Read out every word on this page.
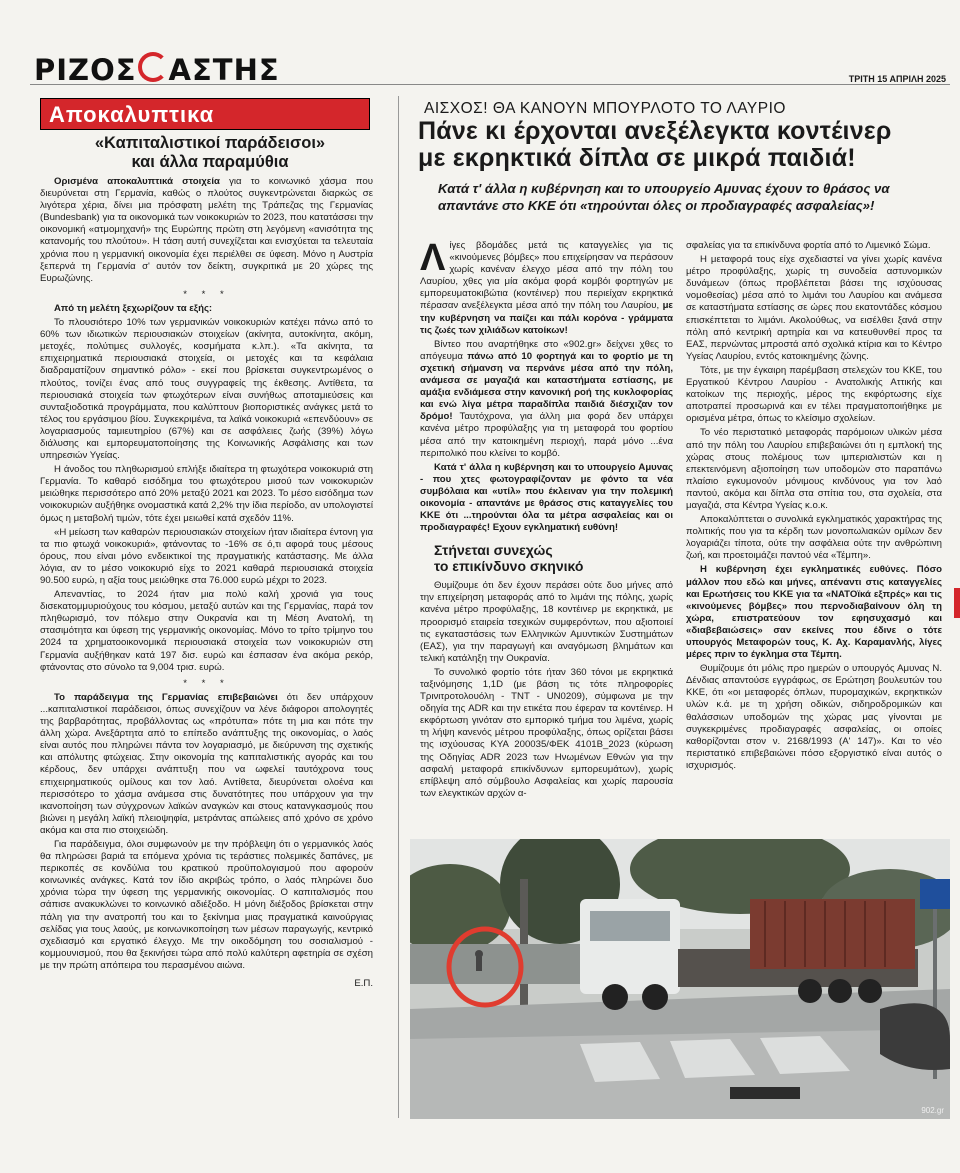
ΡΙΖΟΣ ΑΣΤΗΣ	ΤΡΙΤΗ 15 ΑΠΡΙΛΗ 2025
Αποκαλυπτικα
«Καπιταλιστικοί παράδεισοι»
και άλλα παραμύθια

Ορισμένα αποκαλυπτικά στοιχεία για το κοινωνικό χάσμα που διευρύνεται στη Γερμανία, καθώς ο πλούτος συγκεντρώνεται διαρκώς σε λιγότερα χέρια, δίνει μια πρόσφατη μελέτη της Τράπεζας της Γερμανίας (Bundesbank) για τα οικονομικά των νοικοκυριών το 2023, που κατατάσσει την οικονομική «ατμομηχανή» της Ευρώπης πρώτη στη λεγόμενη «ανισότητα της κατανομής του πλούτου». Η τάση αυτή συνεχίζεται και ενισχύεται τα τελευταία χρόνια που η γερμανική οικονομία έχει περιέλθει σε ύφεση. Μόνο η Αυστρία ξεπερνά τη Γερμανία σ' αυτόν τον δείκτη, συγκριτικά με 20 χώρες της Ευρωζώνης.

* * *

Από τη μελέτη ξεχωρίζουν τα εξής:

Το πλουσιότερο 10% των γερμανικών νοικοκυριών κατέχει πάνω από το 60% των ιδιωτικών περιουσιακών στοιχείων (ακίνητα, αυτοκίνητα, ακόμη, μετοχές, πολύτιμες συλλογές, κοσμήματα κ.λπ.). «Τα ακίνητα, τα επιχειρηματικά περιουσιακά στοιχεία, οι μετοχές και τα κεφάλαια διαδραματίζουν σημαντικό ρόλο» - εκεί που βρίσκεται συγκεντρωμένος ο πλούτος, τονίζει ένας από τους συγγραφείς της έκθεσης. Αντίθετα, τα περιουσιακά στοιχεία των φτωχότερων είναι συνήθως αποταμιεύσεις και συνταξιοδοτικά προγράμματα, που καλύπτουν βιοποριστικές ανάγκες μετά το τέλος του εργάσιμου βίου. Συγκεκριμένα, τα λαϊκά νοικοκυριά «επενδύουν» σε λογαριασμούς ταμιευτηρίου (67%) και σε ασφάλειες ζωής (39%) λόγω διάλυσης και εμπορευματοποίησης της Κοινωνικής Ασφάλισης και των υπηρεσιών Υγείας.

Η άνοδος του πληθωρισμού επλήξε ιδιαίτερα τη φτωχότερα νοικοκυριά στη Γερμανία. Το καθαρό εισόδημα του φτωχότερου μισού των νοικοκυριών μειώθηκε περισσότερο από 20% μεταξύ 2021 και 2023. Το μέσο εισόδημα των νοικοκυριών αυξήθηκε ονομαστικά κατά 2,2% την ίδια περίοδο, αν υπολογιστεί όμως η μεταβολή τιμών, τότε έχει μειωθεί κατά σχεδόν 11%.

«Η μείωση των καθαρών περιουσιακών στοιχείων ήταν ιδιαίτερα έντονη για τα πιο φτωχά νοικοκυριά», φτάνοντας το -16% σε ό,τι αφορά τους μέσους όρους, που είναι μόνο ενδεικτικοί της πραγματικής κατάστασης. Με άλλα λόγια, αν το μέσο νοικοκυριό είχε το 2021 καθαρά περιουσιακά στοιχεία 90.500 ευρώ, η αξία τους μειώθηκε στα 76.000 ευρώ μέχρι το 2023.

Απεναντίας, το 2024 ήταν μια πολύ καλή χρονιά για τους δισεκατομμυριούχους του κόσμου, μεταξύ αυτών και της Γερμανίας, παρά τον πληθωρισμό, τον πόλεμο στην Ουκρανία και τη Μέση Ανατολή, τη στασιμότητα και ύφεση της γερμανικής οικονομίας. Μόνο το τρίτο τρίμηνο του 2024 τα χρηματοοικονομικά περιουσιακά στοιχεία των νοικοκυριών στη Γερμανία αυξήθηκαν κατά 197 δισ. ευρώ και έσπασαν ένα ακόμα ρεκόρ, φτάνοντας στο σύνολο τα 9,004 τρισ. ευρώ.

* * *

Το παράδειγμα της Γερμανίας επιβεβαιώνει ότι δεν υπάρχουν ...καπιταλιστικοί παράδεισοι, όπως συνεχίζουν να λένε διάφοροι απολογητές της βαρβαρότητας, προβάλλοντας ως «πρότυπα» πότε τη μια και πότε την άλλη χώρα. Ανεξάρτητα από το επίπεδο ανάπτυξης της οικονομίας, ο λαός είναι αυτός που πληρώνει πάντα τον λογαριασμό, με διεύρυνση της σχετικής και απόλυτης φτώχειας. Στην οικονομία της καπιταλιστικής αγοράς και του κέρδους, δεν υπάρχει ανάπτυξη που να ωφελεί ταυτόχρονα τους επιχειρηματικούς ομίλους και τον λαό. Αντίθετα, διευρύνεται ολοένα και περισσότερο το χάσμα ανάμεσα στις δυνατότητες που υπάρχουν για την ικανοποίηση των σύγχρονων λαϊκών αναγκών και στους κατανγκασμούς που βιώνει η μεγάλη λαϊκή πλειοψηφία, μετράντας απώλειες από χρόνο σε χρόνο ακόμα και στα πιο στοιχειώδη.

Για παράδειγμα, όλοι συμφωνούν με την πρόβλεψη ότι ο γερμανικός λαός θα πληρώσει βαριά τα επόμενα χρόνια τις τεράστιες πολεμικές δαπάνες, με περικοπές σε κονδύλια του κρατικού προϋπολογισμού που αφορούν κοινωνικές ανάγκες. Κατά τον ίδιο ακριβώς τρόπο, ο λαός πληρώνει δυο χρόνια τώρα την ύφεση της γερμανικής οικονομίας. Ο καπιταλισμός που σάπισε ανακυκλώνει το κοινωνικό αδιέξοδο. Η μόνη διέξοδος βρίσκεται στην πάλη για την ανατροπή του και το ξεκίνημα μιας πραγματικά καινούργιας σελίδας για τους λαούς, με κοινωνικοποίηση των μέσων παραγωγής, κεντρικό σχεδιασμό και εργατικό έλεγχο. Με την οικοδόμηση του σοσιαλισμού - κομμουνισμού, που θα ξεκινήσει τώρα από πολύ καλύτερη αφετηρία σε σχέση με την πρώτη απόπειρα του περασμένου αιώνα.

Ε.Π.
ΑΙΣΧΟΣ! ΘΑ ΚΑΝΟΥΝ ΜΠΟΥΡΛΟΤΟ ΤΟ ΛΑΥΡΙΟ
Πάνε κι έρχονται ανεξέλεγκτα κοντέινερ
με εκρηκτικά δίπλα σε μικρά παιδιά!
Κατά τ' άλλα η κυβέρνηση και το υπουργείο Αμυνας έχουν το θράσος να απαντάνε στο ΚΚΕ ότι «τηρούνται όλες οι προδιαγραφές ασφαλείας»!

Λίγες βδομάδες μετά τις καταγγελίες για τις «κινούμενες βόμβες» που επιχείρησαν να περάσουν χωρίς κανέναν έλεγχο μέσα από την πόλη του Λαυρίου, χθες για μία ακόμα φορά κομβόι φορτηγών με εμπορευματοκιβώτια (κοντέινερ) που περιείχαν εκρηκτικά πέρασαν ανεξέλεγκτα μέσα από την πόλη του Λαυρίου, με την κυβέρνηση να παίζει και πάλι κορόνα - γράμματα τις ζωές των χιλιάδων κατοίκων!

Βίντεο που αναρτήθηκε στο «902.gr» δείχνει χθες το απόγευμα πάνω από 10 φορτηγά και το φορτίο με τη σχετική σήμανση να περνάνε μέσα από την πόλη, ανάμεσα σε μαγαζιά και καταστήματα εστίασης, με αμάξια ενδιάμεσα στην κανονική ροή της κυκλοφορίας και ενώ λίγα μέτρα παραδίπλα παιδιά διέσχιζαν τον δρόμο! Ταυτόχρονα, για άλλη μια φορά δεν υπάρχει κανένα μέτρο προφύλαξης για τη μεταφορά του φορτίου μέσα από την κατοικημένη περιοχή, παρά μόνο ...ένα περιπολικό που κλείνει το κομβό.

Κατά τ' άλλα η κυβέρνηση και το υπουργείο Αμυνας - που χτες φωτογραφίζονταν με φόντο τα νέα συμβόλαια και «υτίλ» που έκλειναν για την πολεμική οικονομία - απαντάνε με θράσος στις καταγγελίες του ΚΚΕ ότι ...τηρούνται όλα τα μέτρα ασφαλείας και οι προδιαγραφές! Εχουν εγκληματική ευθύνη!

Στήνεται συνεχώς
το επικίνδυνο σκηνικό

Θυμίζουμε ότι δεν έχουν περάσει ούτε δυο μήνες από την επιχείρηση μεταφοράς από το λιμάνι της πόλης, χωρίς κανένα μέτρο προφύλαξης, 18 κοντέινερ με εκρηκτικά, με προορισμό εταιρεία τσεχικών συμφερόντων, που αξιοποιεί τις εγκαταστάσεις των Ελληνικών Αμυντικών Συστημάτων (ΕΑΣ), για την παραγωγή και αναγόμωση βλημάτων και τελική κατάληξη την Ουκρανία.

Το συνολικό φορτίο τότε ήταν 360 τόνοι με εκρηκτικά ταξινόμησης 1,1D (με βάση τις τότε πληροφορίες Τρινιτροτολουόλη - TNT - UN0209), σύμφωνα με την οδηγία της ADR και την ετικέτα που έφεραν τα κοντέινερ. Η εκφόρτωση γινόταν στο εμπορικό τμήμα του λιμένα, χωρίς τη λήψη κανενός μέτρου προφύλαξης, όπως ορίζεται βάσει της ισχύουσας ΚΥΑ 200035/ΦΕΚ 4101Β_2023 (κύρωση της Οδηγίας ADR 2023 των Ηνωμένων Εθνών για την ασφαλή μεταφορά επικίνδυνων εμπορευμάτων), χωρίς επίβλεψη από σύμβουλο Ασφαλείας και χωρίς παρουσία των ελεγκτικών αρχών α-

σφαλείας για τα επικίνδυνα φορτία από το Λιμενικό Σώμα.

Η μεταφορά τους είχε σχεδιαστεί να γίνει χωρίς κανένα μέτρο προφύλαξης, χωρίς τη συνοδεία αστυνομικών δυνάμεων (όπως προβλέπεται βάσει της ισχύουσας νομοθεσίας) μέσα από το λιμάνι του Λαυρίου και ανάμεσα σε καταστήματα εστίασης σε ώρες που εκατοντάδες κόσμου επισκέπτεται το λιμάνι. Ακολούθως, να εισέλθει ξανά στην πόλη από κεντρική αρτηρία και να κατευθυνθεί προς τα ΕΑΣ, περνώντας μπροστά από σχολικά κτίρια και το Κέντρο Υγείας Λαυρίου, εντός κατοικημένης ζώνης.

Τότε, με την έγκαιρη παρέμβαση στελεχών του ΚΚΕ, του Εργατικού Κέντρου Λαυρίου - Ανατολικής Αττικής και κατοίκων της περιοχής, μέρος της εκφόρτωσης είχε αποτραπεί προσωρινά και εν τέλει πραγματοποιήθηκε με ορισμένα μέτρα, όπως το κλείσιμο σχολείων.

Το νέο περιστατικό μεταφοράς παρόμοιων υλικών μέσα από την πόλη του Λαυρίου επιβεβαιώνει ότι η εμπλοκή της χώρας στους πολέμους των ιμπεριαλιστών και η επεκτεινόμενη αξιοποίηση των υποδομών στο παραπάνω πλαίσιο εγκυμονούν μόνιμους κινδύνους για τον λαό παντού, ακόμα και δίπλα στα σπίτια του, στα σχολεία, στα μαγαζιά, στα Κέντρα Υγείας κ.ο.κ.

Αποκαλύπτεται ο συνολικά εγκληματικός χαρακτήρας της πολιτικής που για τα κέρδη των μονοπωλιακών ομίλων δεν λογαριάζει τίποτα, ούτε την ασφάλεια ούτε την ανθρώπινη ζωή, και προετοιμάζει παντού νέα «Τέμπη».

Η κυβέρνηση έχει εγκληματικές ευθύνες. Πόσο μάλλον που εδώ και μήνες, απέναντι στις καταγγελίες και Ερωτήσεις του ΚΚΕ για τα «ΝΑΤΟϊκά εξπρές» και τις «κινούμενες βόμβες» που περνοδιαβαίνουν όλη τη χώρα, επιστρατεύουν τον εφησυχασμό και «διαβεβαιώσεις» σαν εκείνες που έδινε ο τότε υπουργός Μεταφορών τους, Κ. Αχ. Καραμανλής, λίγες μέρες πριν το έγκλημα στα Τέμπη.

Θυμίζουμε ότι μόλις προ ημερών ο υπουργός Αμυνας Ν. Δένδιας απαντούσε εγγράφως, σε Ερώτηση βουλευτών του ΚΚΕ, ότι «οι μεταφορές όπλων, πυρομαχικών, εκρηκτικών υλών κ.ά. με τη χρήση οδικών, σιδηροδρομικών και θαλάσσιων υποδομών της χώρας μας γίνονται με συγκεκριμένες προδιαγραφές ασφαλείας, οι οποίες καθορίζονται στον ν. 2168/1993 (Α' 147)». Και το νέο περιστατικό επιβεβαιώνει πόσο εξοργιστικό είναι αυτός ο ισχυρισμός.

902.gr
